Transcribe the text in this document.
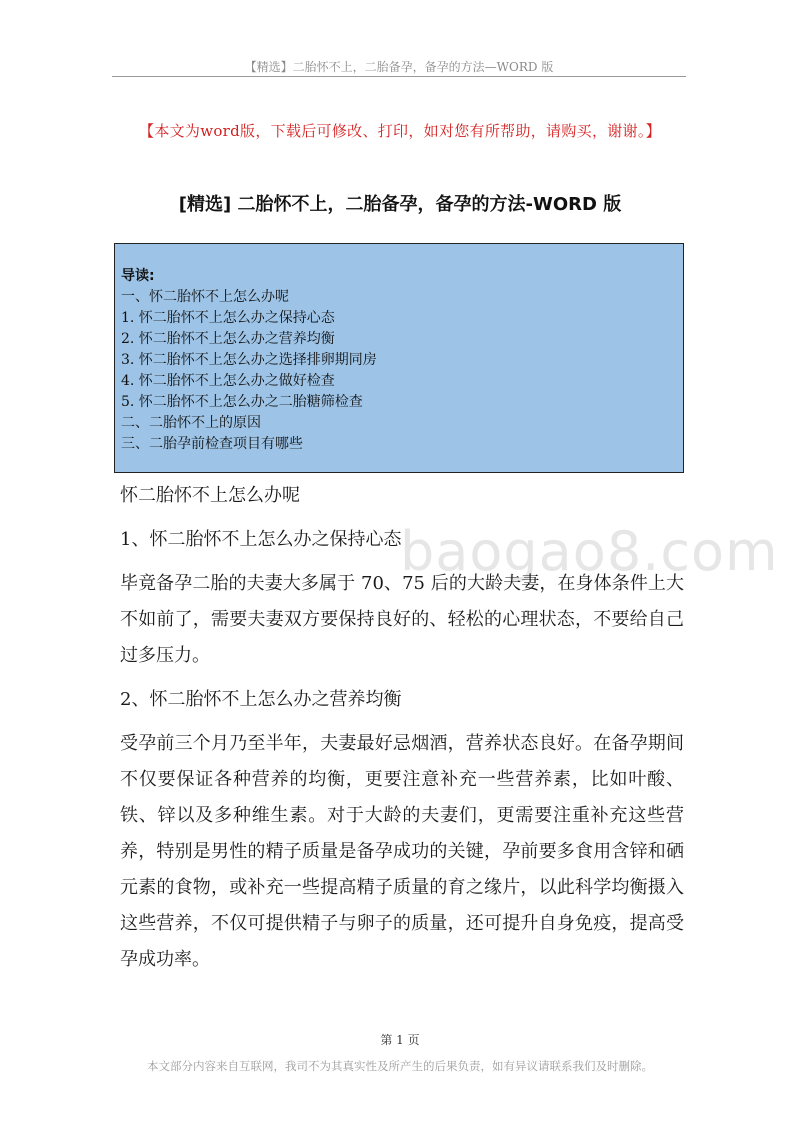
【精选】二胎怀不上，二胎备孕，备孕的方法—WORD 版
【本文为word版，下载后可修改、打印，如对您有所帮助，请购买，谢谢。】
[精选] 二胎怀不上，二胎备孕，备孕的方法-WORD 版
导读:
一、怀二胎怀不上怎么办呢
1. 怀二胎怀不上怎么办之保持心态
2. 怀二胎怀不上怎么办之营养均衡
3. 怀二胎怀不上怎么办之选择排卵期同房
4. 怀二胎怀不上怎么办之做好检查
5. 怀二胎怀不上怎么办之二胎糖筛检查
二、二胎怀不上的原因
三、二胎孕前检查项目有哪些
baogao8.com

怀二胎怀不上怎么办呢

1、怀二胎怀不上怎么办之保持心态

毕竟备孕二胎的夫妻大多属于 70、75 后的大龄夫妻，在身体条件上大不如前了，需要夫妻双方要保持良好的、轻松的心理状态，不要给自己过多压力。

2、怀二胎怀不上怎么办之营养均衡

受孕前三个月乃至半年，夫妻最好忌烟酒，营养状态良好。在备孕期间不仅要保证各种营养的均衡，更要注意补充一些营养素，比如叶酸、铁、锌以及多种维生素。对于大龄的夫妻们，更需要注重补充这些营养，特别是男性的精子质量是备孕成功的关键，孕前要多食用含锌和硒元素的食物，或补充一些提高精子质量的育之缘片，以此科学均衡摄入这些营养，不仅可提供精子与卵子的质量，还可提升自身免疫，提高受孕成功率。

第 1 页
本文部分内容来自互联网，我司不为其真实性及所产生的后果负责，如有异议请联系我们及时删除。
